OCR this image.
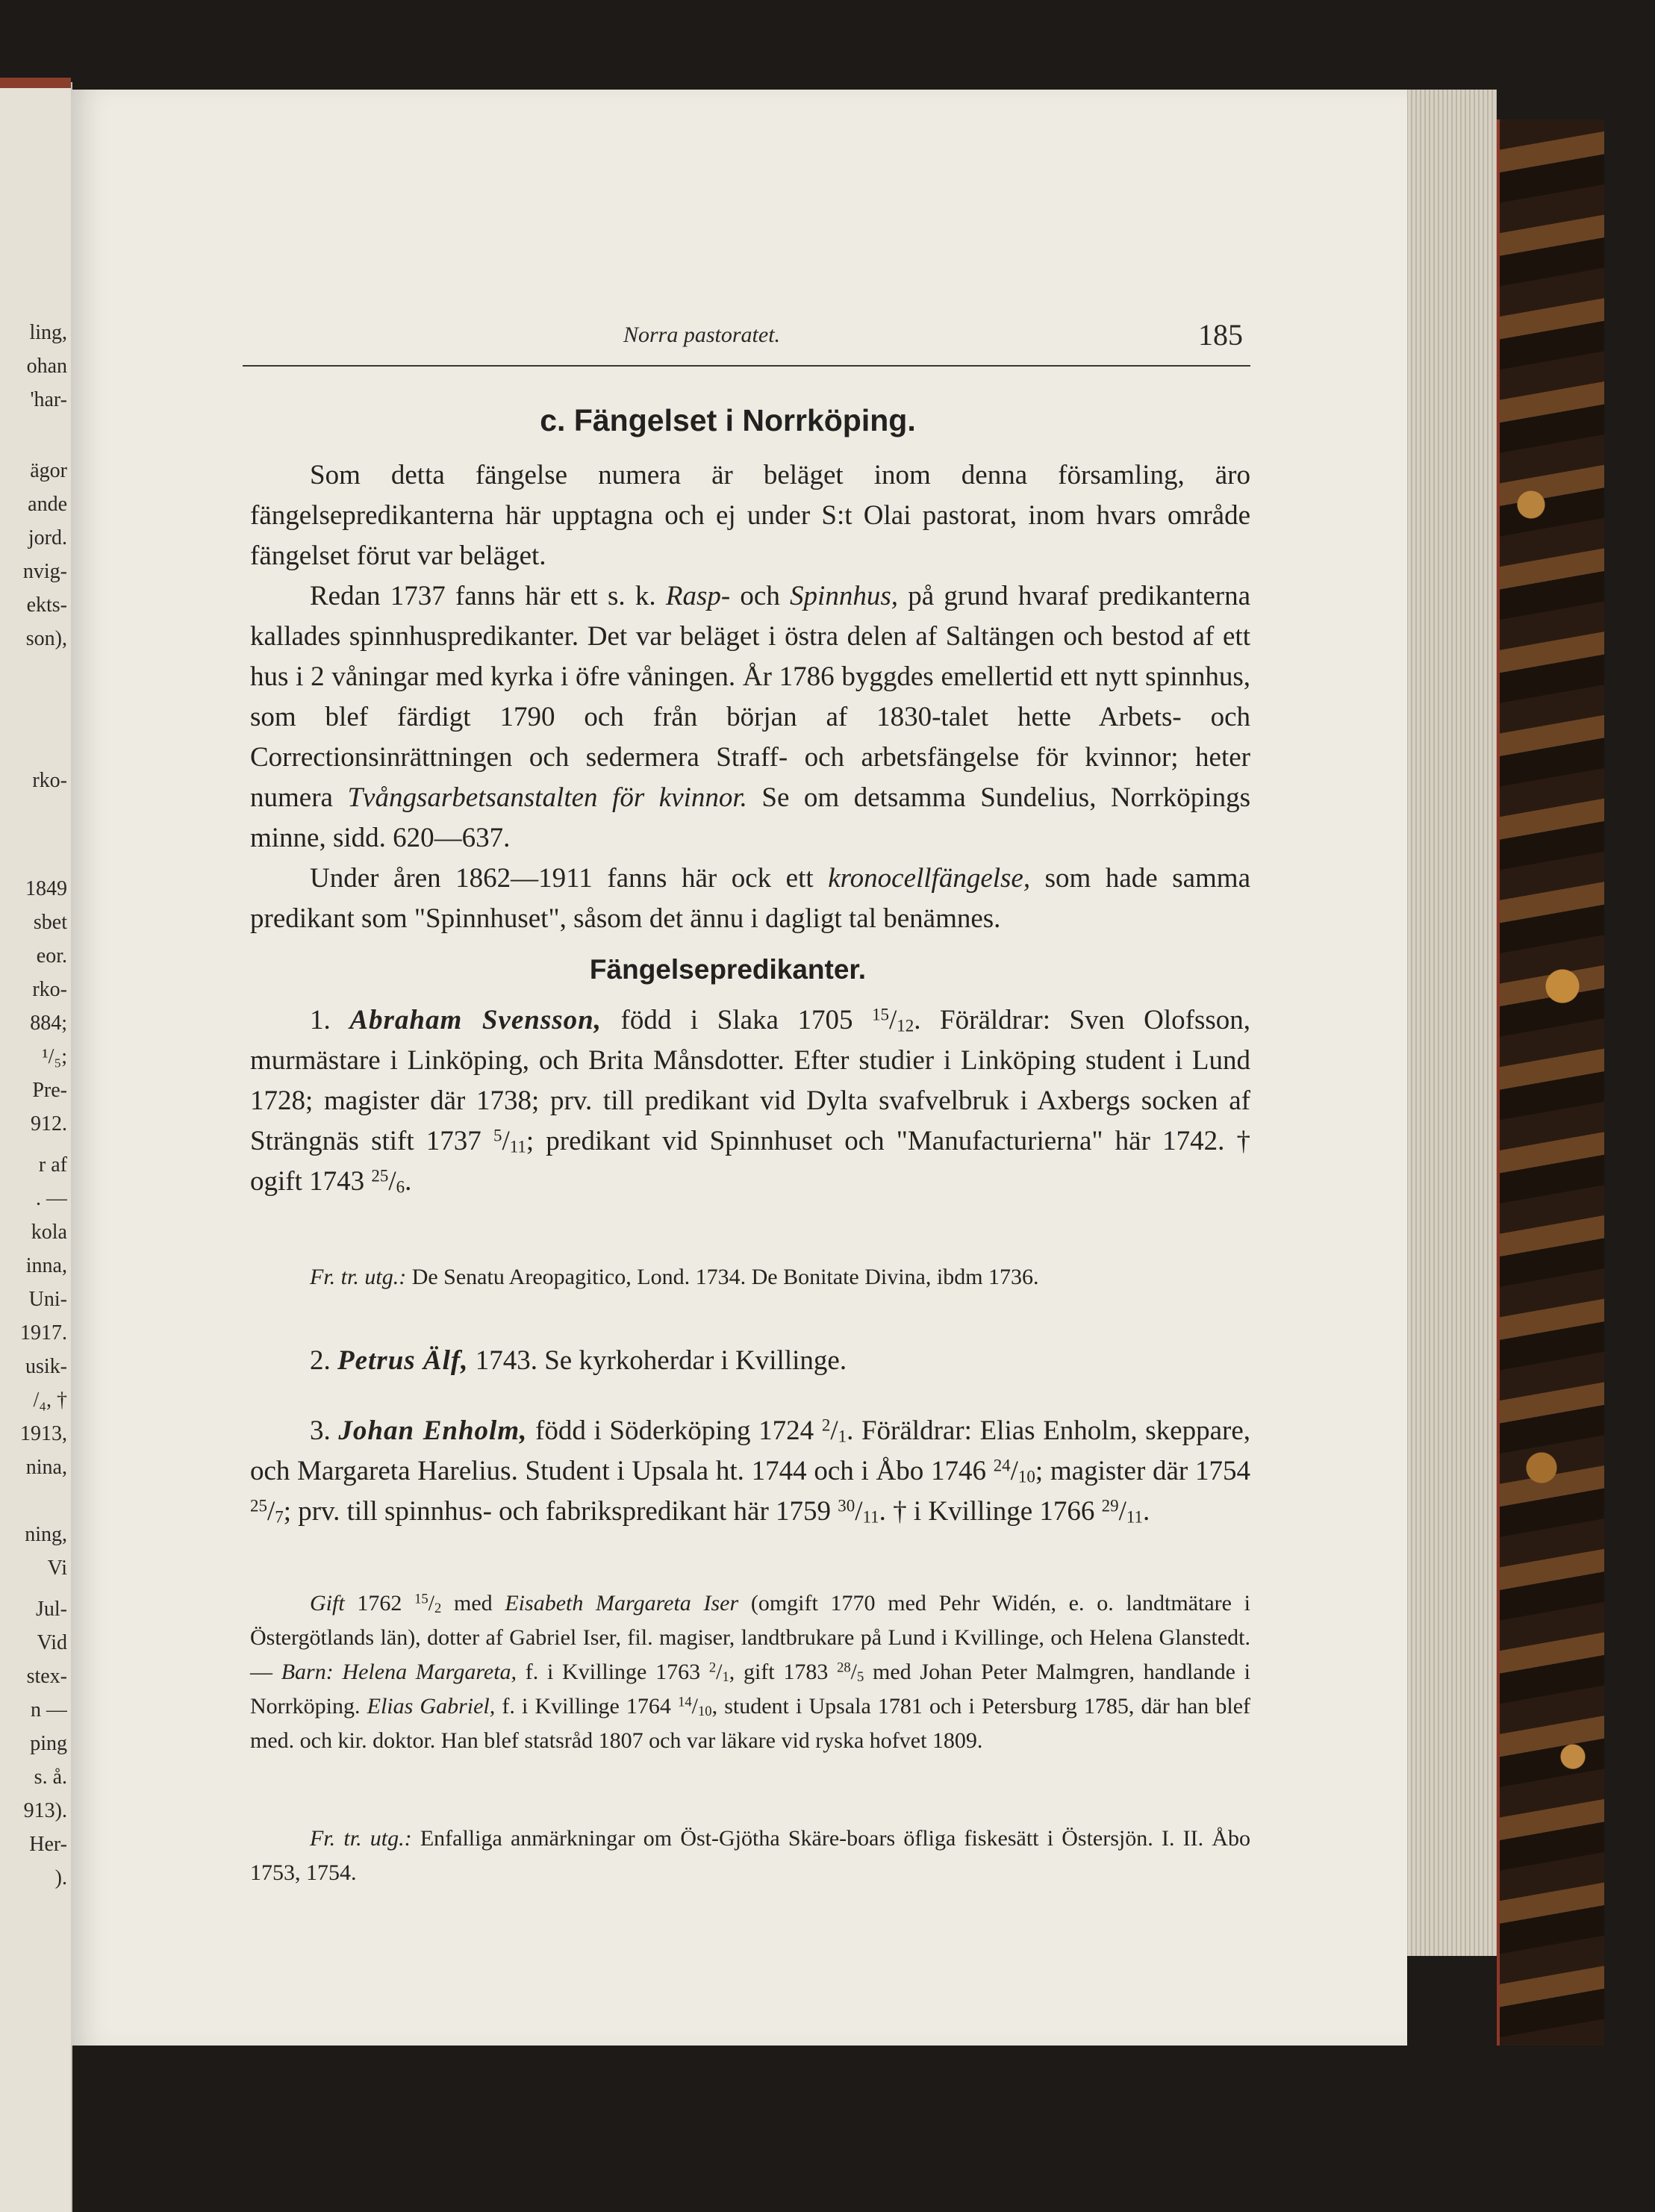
ling,
ohan
'har-
ägor
ande
jord.
nvig-
ekts-
son),
rko-
1849
sbet
eor.
rko-
884;
¹/₅;
Pre-
912.
r af
. —
kola
inna,
Uni-
1917.
usik-
/₄, †
1913,
nina,
ning,
Vi
Jul-
Vid
stex-
n —
ping
s. å.
913).
Her-
).
Norra pastoratet.	185
c. Fängelset i Norrköping.

Som detta fängelse numera är beläget inom denna församling, äro fängelsepredikanterna här upptagna och ej under S:t Olai pastorat, inom hvars område fängelset förut var beläget.

Redan 1737 fanns här ett s. k. Rasp- och Spinnhus, på grund hvaraf predikanterna kallades spinnhuspredikanter. Det var beläget i östra delen af Saltängen och bestod af ett hus i 2 våningar med kyrka i öfre våningen. År 1786 byggdes emellertid ett nytt spinnhus, som blef färdigt 1790 och från början af 1830-talet hette Arbets- och Correctionsinrättningen och sedermera Straff- och arbetsfängelse för kvinnor; heter numera Tvångsarbetsanstalten för kvinnor. Se om detsamma Sundelius, Norrköpings minne, sidd. 620—637.

Under åren 1862—1911 fanns här ock ett kronocellfängelse, som hade samma predikant som "Spinnhuset", såsom det ännu i dagligt tal benämnes.

Fängelsepredikanter.

1. Abraham Svensson, född i Slaka 1705 $^{15}/_{12}$. Föräldrar: Sven Olofsson, murmästare i Linköping, och Brita Månsdotter. Efter studier i Linköping student i Lund 1728; magister där 1738; prv. till predikant vid Dylta svafvelbruk i Axbergs socken af Strängnäs stift 1737 $^5/_{11}$; predikant vid Spinnhuset och "Manufacturierna" här 1742. † ogift 1743 $^{25}/_6$.

Fr. tr. utg.: De Senatu Areopagitico, Lond. 1734. De Bonitate Divina, ibdm 1736.

2. Petrus Älf, 1743. Se kyrkoherdar i Kvillinge.

3. Johan Enholm, född i Söderköping 1724 $^2/_1$. Föräldrar: Elias Enholm, skeppare, och Margareta Harelius. Student i Upsala ht. 1744 och i Åbo 1746 $^{24}/_{10}$; magister där 1754 $^{25}/_7$; prv. till spinnhus- och fabrikspredikant här 1759 $^{30}/_{11}$. † i Kvillinge 1766 $^{29}/_{11}$.

Gift 1762 $^{15}/_2$ med Eisabeth Margareta Iser (omgift 1770 med Pehr Widén, e. o. landtmätare i Östergötlands län), dotter af Gabriel Iser, fil. magiser, landtbrukare på Lund i Kvillinge, och Helena Glanstedt. — Barn: Helena Margareta, f. i Kvillinge 1763 $^2/_1$, gift 1783 $^{28}/_5$ med Johan Peter Malmgren, handlande i Norrköping. Elias Gabriel, f. i Kvillinge 1764 $^{14}/_{10}$, student i Upsala 1781 och i Petersburg 1785, där han blef med. och kir. doktor. Han blef statsråd 1807 och var läkare vid ryska hofvet 1809.

Fr. tr. utg.: Enfalliga anmärkningar om Öst-Gjötha Skäre-boars öfliga fiskesätt i Östersjön. I. II. Åbo 1753, 1754.
